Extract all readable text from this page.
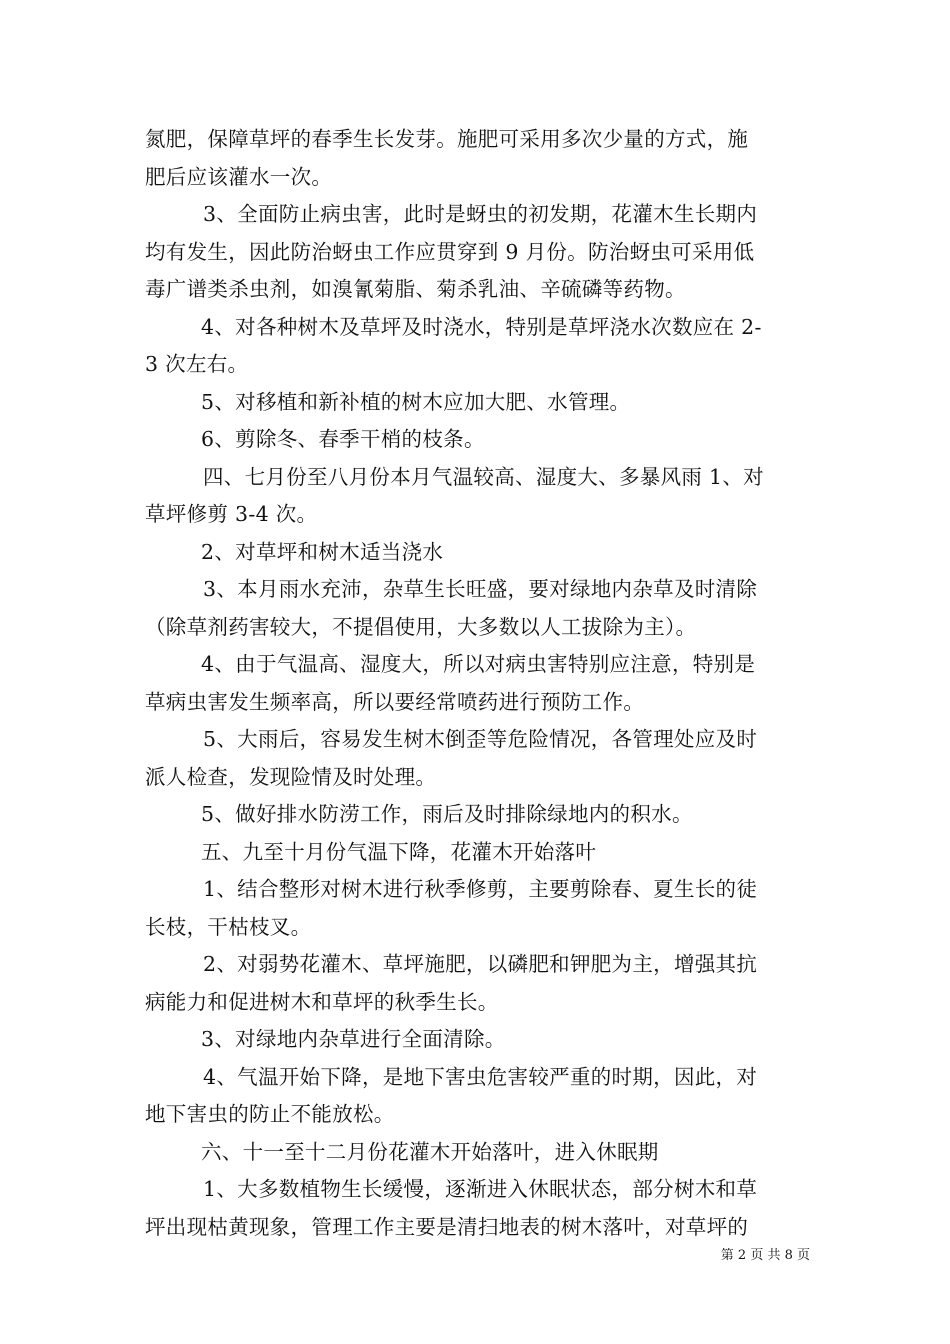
氮肥，保障草坪的春季生长发芽。施肥可采用多次少量的方式，施
肥后应该灌水一次。
3、全面防止病虫害，此时是蚜虫的初发期，花灌木生长期内
均有发生，因此防治蚜虫工作应贯穿到 9 月份。防治蚜虫可采用低
毒广谱类杀虫剂，如溴氰菊脂、菊杀乳油、辛硫磷等药物。
4、对各种树木及草坪及时浇水，特别是草坪浇水次数应在 2-
3 次左右。
5、对移植和新补植的树木应加大肥、水管理。
6、剪除冬、春季干梢的枝条。
四、七月份至八月份本月气温较高、湿度大、多暴风雨 1、对
草坪修剪 3-4 次。
2、对草坪和树木适当浇水
3、本月雨水充沛，杂草生长旺盛，要对绿地内杂草及时清除
（除草剂药害较大，不提倡使用，大多数以人工拔除为主）。
4、由于气温高、湿度大，所以对病虫害特别应注意，特别是
草病虫害发生频率高，所以要经常喷药进行预防工作。
5、大雨后，容易发生树木倒歪等危险情况，各管理处应及时
派人检查，发现险情及时处理。
5、做好排水防涝工作，雨后及时排除绿地内的积水。
五、九至十月份气温下降，花灌木开始落叶
1、结合整形对树木进行秋季修剪，主要剪除春、夏生长的徒
长枝，干枯枝叉。
2、对弱势花灌木、草坪施肥，以磷肥和钾肥为主，增强其抗
病能力和促进树木和草坪的秋季生长。
3、对绿地内杂草进行全面清除。
4、气温开始下降，是地下害虫危害较严重的时期，因此，对
地下害虫的防止不能放松。
六、十一至十二月份花灌木开始落叶，进入休眠期
1、大多数植物生长缓慢，逐渐进入休眠状态，部分树木和草
坪出现枯黄现象，管理工作主要是清扫地表的树木落叶，对草坪的
第 2 页 共 8 页
